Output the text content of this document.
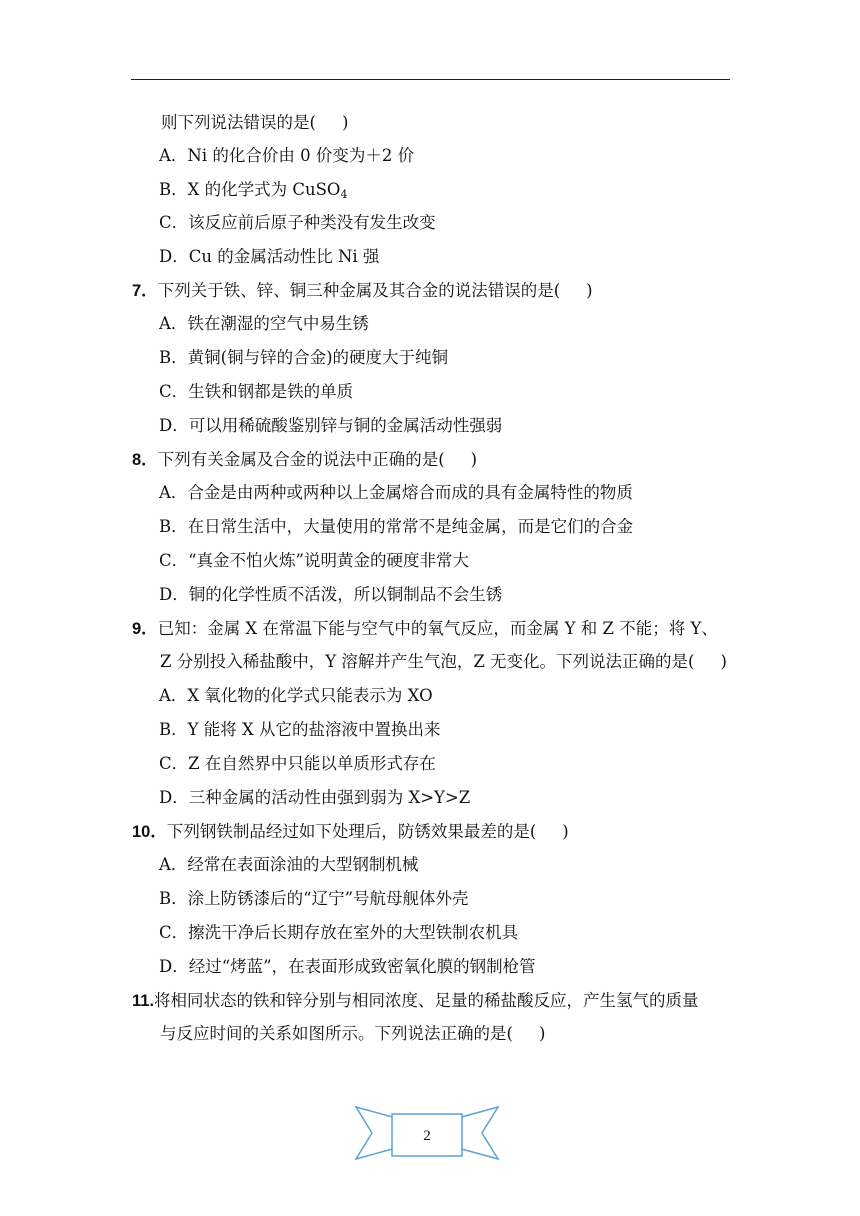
则下列说法错误的是( )
A．Ni 的化合价由 0 价变为＋2 价
B．X 的化学式为 CuSO$_4$
C．该反应前后原子种类没有发生改变
D．Cu 的金属活动性比 Ni 强
7．下列关于铁、锌、铜三种金属及其合金的说法错误的是( )
A．铁在潮湿的空气中易生锈
B．黄铜(铜与锌的合金)的硬度大于纯铜
C．生铁和钢都是铁的单质
D．可以用稀硫酸鉴别锌与铜的金属活动性强弱
8．下列有关金属及合金的说法中正确的是( )
A．合金是由两种或两种以上金属熔合而成的具有金属特性的物质
B．在日常生活中，大量使用的常常不是纯金属，而是它们的合金
C．“真金不怕火炼”说明黄金的硬度非常大
D．铜的化学性质不活泼，所以铜制品不会生锈
9．已知：金属 X 在常温下能与空气中的氧气反应，而金属 Y 和 Z 不能；将 Y、
Z 分别投入稀盐酸中，Y 溶解并产生气泡，Z 无变化。下列说法正确的是( )
A．X 氧化物的化学式只能表示为 XO
B．Y 能将 X 从它的盐溶液中置换出来
C．Z 在自然界中只能以单质形式存在
D．三种金属的活动性由强到弱为 X>Y>Z
10．下列钢铁制品经过如下处理后，防锈效果最差的是( )
A．经常在表面涂油的大型钢制机械
B．涂上防锈漆后的“辽宁”号航母舰体外壳
C．擦洗干净后长期存放在室外的大型铁制农机具
D．经过“烤蓝”，在表面形成致密氧化膜的钢制枪管
11.将相同状态的铁和锌分别与相同浓度、足量的稀盐酸反应，产生氢气的质量
与反应时间的关系如图所示。下列说法正确的是( )
2
